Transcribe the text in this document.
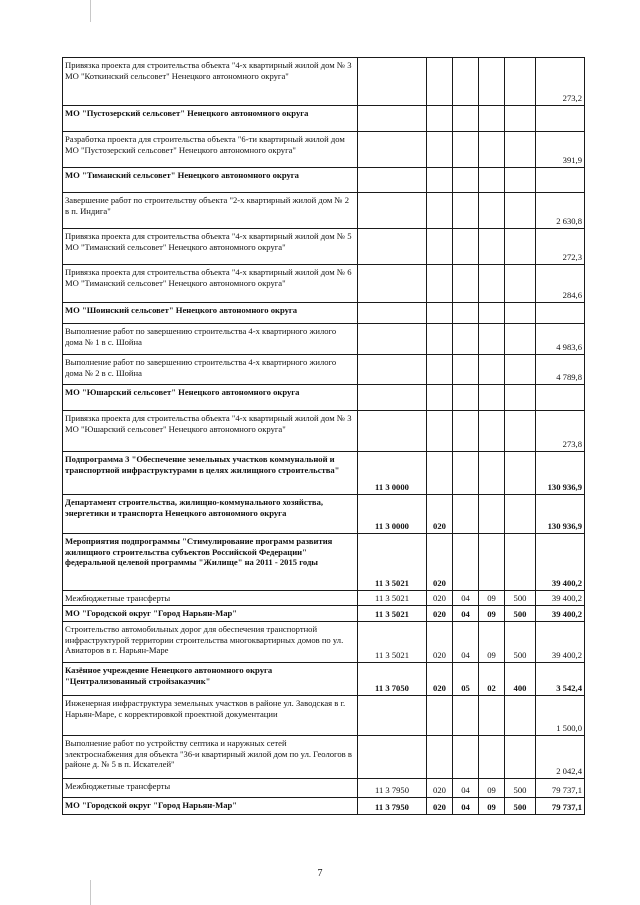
Привязка проекта для строительства объекта "4-х квартирный жилой дом № 3 МО "Коткинский сельсовет" Ненецкого автономного округа"						273,2
МО "Пустозерский сельсовет" Ненецкого автономного округа						
Разработка проекта для строительства объекта "6-ти квартирный жилой дом МО "Пустозерский сельсовет" Ненецкого автономного округа"						391,9
МО "Тиманский сельсовет" Ненецкого автономного округа						
Завершение работ по строительству объекта "2-х квартирный жилой дом № 2 в п. Индига"						2 630,8
Привязка проекта для строительства объекта "4-х квартирный жилой дом № 5 МО "Тиманский сельсовет" Ненецкого автономного округа"						272,3
Привязка проекта для строительства объекта "4-х квартирный жилой дом № 6 МО "Тиманский сельсовет" Ненецкого автономного округа"						284,6
МО "Шоинский сельсовет" Ненецкого автономного округа						
Выполнение работ по завершению строительства 4-х квартирного жилого дома № 1 в с. Шойна						4 983,6
Выполнение работ по завершению строительства 4-х квартирного жилого дома № 2 в с. Шойна						4 789,8
МО "Юшарский сельсовет" Ненецкого автономного округа						
Привязка проекта для строительства объекта "4-х квартирный жилой дом № 3 МО "Юшарский сельсовет" Ненецкого автономного округа"						273,8
Подпрограмма 3 "Обеспечение земельных участков коммунальной и транспортной инфраструктурами в целях жилищного строительства"	11 3 0000					130 936,9
Департамент строительства, жилищно-коммунального хозяйства, энергетики и транспорта Ненецкого автономного округа	11 3 0000	020				130 936,9
Мероприятия подпрограммы "Стимулирование программ развития жилищного строительства субъектов Российской Федерации" федеральной целевой программы "Жилище" на 2011 - 2015 годы	11 3 5021	020				39 400,2
Межбюджетные трансферты	11 3 5021	020	04	09	500	39 400,2
МО "Городской округ "Город Нарьян-Мар"	11 3 5021	020	04	09	500	39 400,2
Строительство автомобильных дорог для обеспечения транспортной инфраструктурой территории строительства многоквартирных домов по ул. Авиаторов в г. Нарьян-Маре	11 3 5021	020	04	09	500	39 400,2
Казённое учреждение Ненецкого автономного округа "Централизованный стройзаказчик"	11 3 7050	020	05	02	400	3 542,4
Инженерная инфраструктура земельных участков в районе ул. Заводская в г. Нарьян-Маре, с корректировкой проектной документации						1 500,0
Выполнение работ по устройству септика и наружных сетей электроснабжения для объекта "36-и квартирный жилой дом по ул. Геологов в районе д. № 5 в п. Искателей"						2 042,4
Межбюджетные трансферты	11 3 7950	020	04	09	500	79 737,1
МО "Городской округ "Город Нарьян-Мар"	11 3 7950	020	04	09	500	79 737,1
7
